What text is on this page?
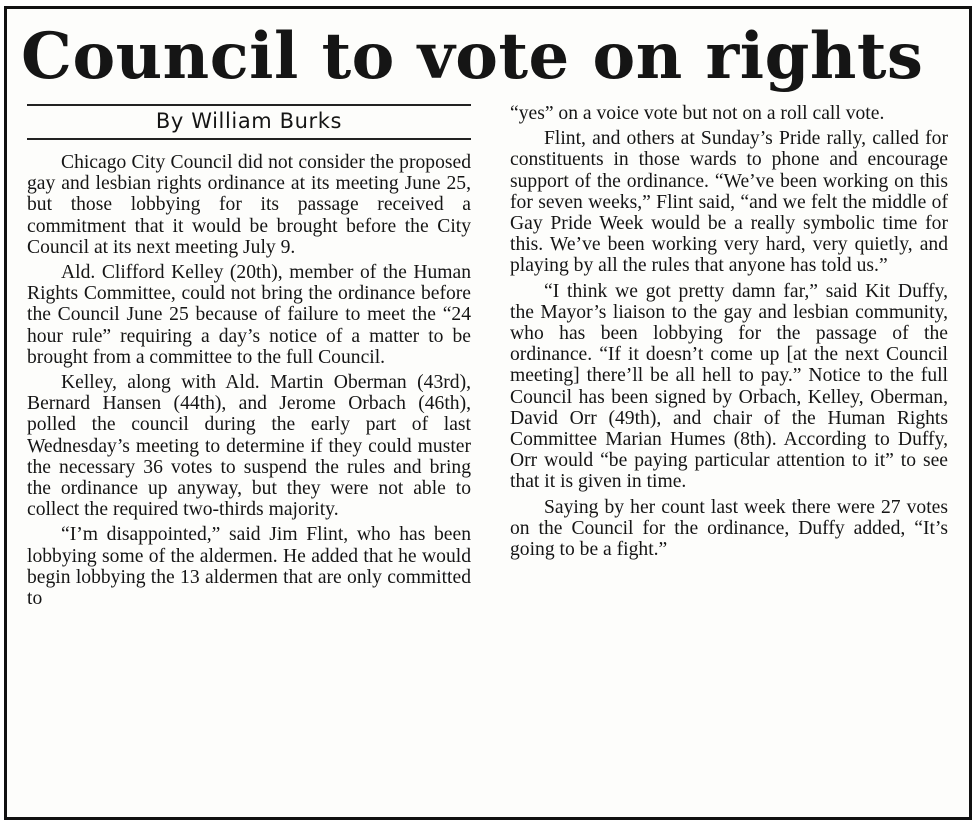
Council to vote on rights
By William Burks

Chicago City Council did not consider the proposed gay and lesbian rights ordinance at its meeting June 25, but those lobbying for its passage received a commitment that it would be brought before the City Council at its next meeting July 9.

Ald. Clifford Kelley (20th), member of the Human Rights Committee, could not bring the ordinance before the Council June 25 because of failure to meet the “24 hour rule” requiring a day’s notice of a matter to be brought from a committee to the full Council.

Kelley, along with Ald. Martin Oberman (43rd), Bernard Hansen (44th), and Jerome Orbach (46th), polled the council during the early part of last Wednesday’s meeting to determine if they could muster the necessary 36 votes to suspend the rules and bring the ordinance up anyway, but they were not able to collect the required two-thirds majority.

“I’m disappointed,” said Jim Flint, who has been lobbying some of the aldermen. He added that he would begin lobbying the 13 aldermen that are only committed to

“yes” on a voice vote but not on a roll call vote.

Flint, and others at Sunday’s Pride rally, called for constituents in those wards to phone and encourage support of the ordinance. “We’ve been working on this for seven weeks,” Flint said, “and we felt the middle of Gay Pride Week would be a really symbolic time for this. We’ve been working very hard, very quietly, and playing by all the rules that anyone has told us.”

“I think we got pretty damn far,” said Kit Duffy, the Mayor’s liaison to the gay and lesbian community, who has been lobbying for the passage of the ordinance. “If it doesn’t come up [at the next Council meeting] there’ll be all hell to pay.” Notice to the full Council has been signed by Orbach, Kelley, Oberman, David Orr (49th), and chair of the Human Rights Committee Marian Humes (8th). According to Duffy, Orr would “be paying particular attention to it” to see that it is given in time.

Saying by her count last week there were 27 votes on the Council for the ordinance, Duffy added, “It’s going to be a fight.”
